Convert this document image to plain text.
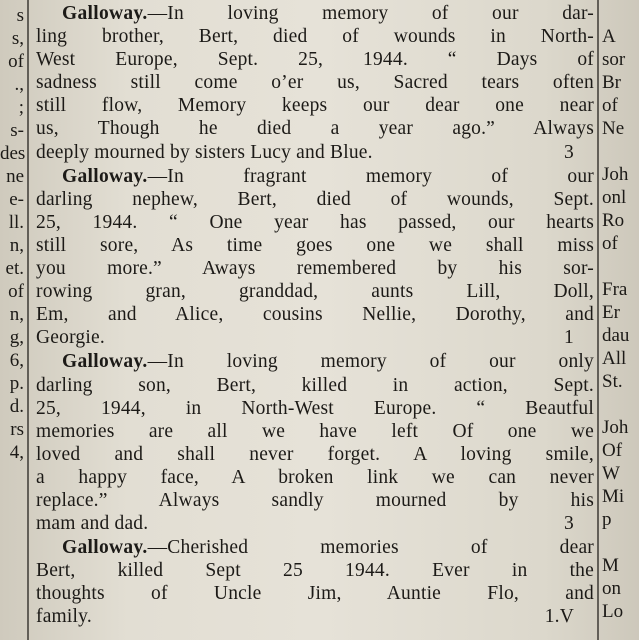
s
s,
of
.,
;
s-
des
ne
e-
ll.
n,
et.
of
n,
g,
6,
p.
d.
rs
4,

Galloway.—In loving memory of our dar-

ling brother, Bert, died of wounds in North-

West Europe, Sept. 25, 1944. “ Days of

sadness still come o’er us, Sacred tears often

still flow, Memory keeps our dear one near

us, Though he died a year ago.” Always

deeply mourned by sisters Lucy and Blue.	3

Galloway.—In fragrant memory of our

darling nephew, Bert, died of wounds, Sept.

25, 1944. “ One year has passed, our hearts

still sore, As time goes one we shall miss

you more.” Aways remembered by his sor-

rowing gran, granddad, aunts Lill, Doll,

Em, and Alice, cousins Nellie, Dorothy, and

Georgie.	1

Galloway.—In loving memory of our only

darling son, Bert, killed in action, Sept.

25, 1944, in North-West Europe. “ Beautful

memories are all we have left Of one we

loved and shall never forget. A loving smile,

a happy face, A broken link we can never

replace.” Always sandly mourned by his

mam and dad.	3

Galloway.—Cherished memories of dear

Bert, killed Sept 25 1944. Ever in the

thoughts of Uncle Jim, Auntie Flo, and

family.	1.V

A
sor
Br
of
Ne

Joh
onl
Ro
of

Fra
Er
dau
All
St.

Joh
Of
W
Mi
p

M
on
Lo
